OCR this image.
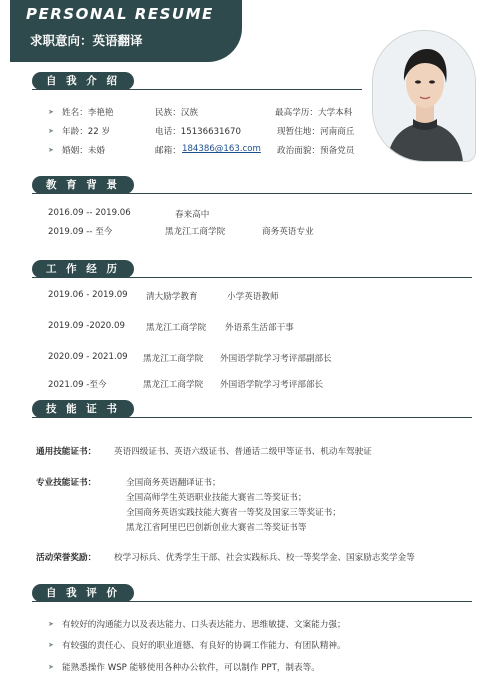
PERSONAL RESUME
求职意向：英语翻译
自 我 介 绍
➤ 姓名：李艳艳	民族：汉族	最高学历：大学本科
➤ 年龄：22 岁	电话：15136631670	现暂住地：河南商丘
➤ 婚姻：未婚	邮箱： 184386@163.com 政治面貌：预备党员
教 育 背 景
2016.09 -- 2019.06	春来高中
2019.09 -- 至今	黑龙江工商学院	商务英语专业
工 作 经 历
2019.06 - 2019.09 清大励学教育	小学英语教师
2019.09 -2020.09 黑龙江工商学院 外语系生活部干事
2020.09 - 2021.09 黑龙江工商学院 外国语学院学习考评部副部长
2021.09 -至今	黑龙江工商学院 外国语学院学习考评部部长
技 能 证 书
通用技能证书： 英语四级证书、英语六级证书、普通话二级甲等证书、机动车驾驶证
专业技能证书：	全国商务英语翻译证书；
全国高师学生英语职业技能大赛省二等奖证书；
全国商务英语实践技能大赛省一等奖及国家三等奖证书；
黑龙江省阿里巴巴创新创业大赛省二等奖证书等
活动荣誉奖励： 校学习标兵、优秀学生干部、社会实践标兵、校一等奖学金、国家励志奖学金等
自 我 评 价
➤ 有较好的沟通能力以及表达能力、口头表达能力、思维敏捷、文案能力强；
➤ 有较强的责任心、良好的职业道德、有良好的协调工作能力、有团队精神。
➤ 能熟悉操作 WSP 能够使用各种办公软件，可以制作 PPT，制表等。
